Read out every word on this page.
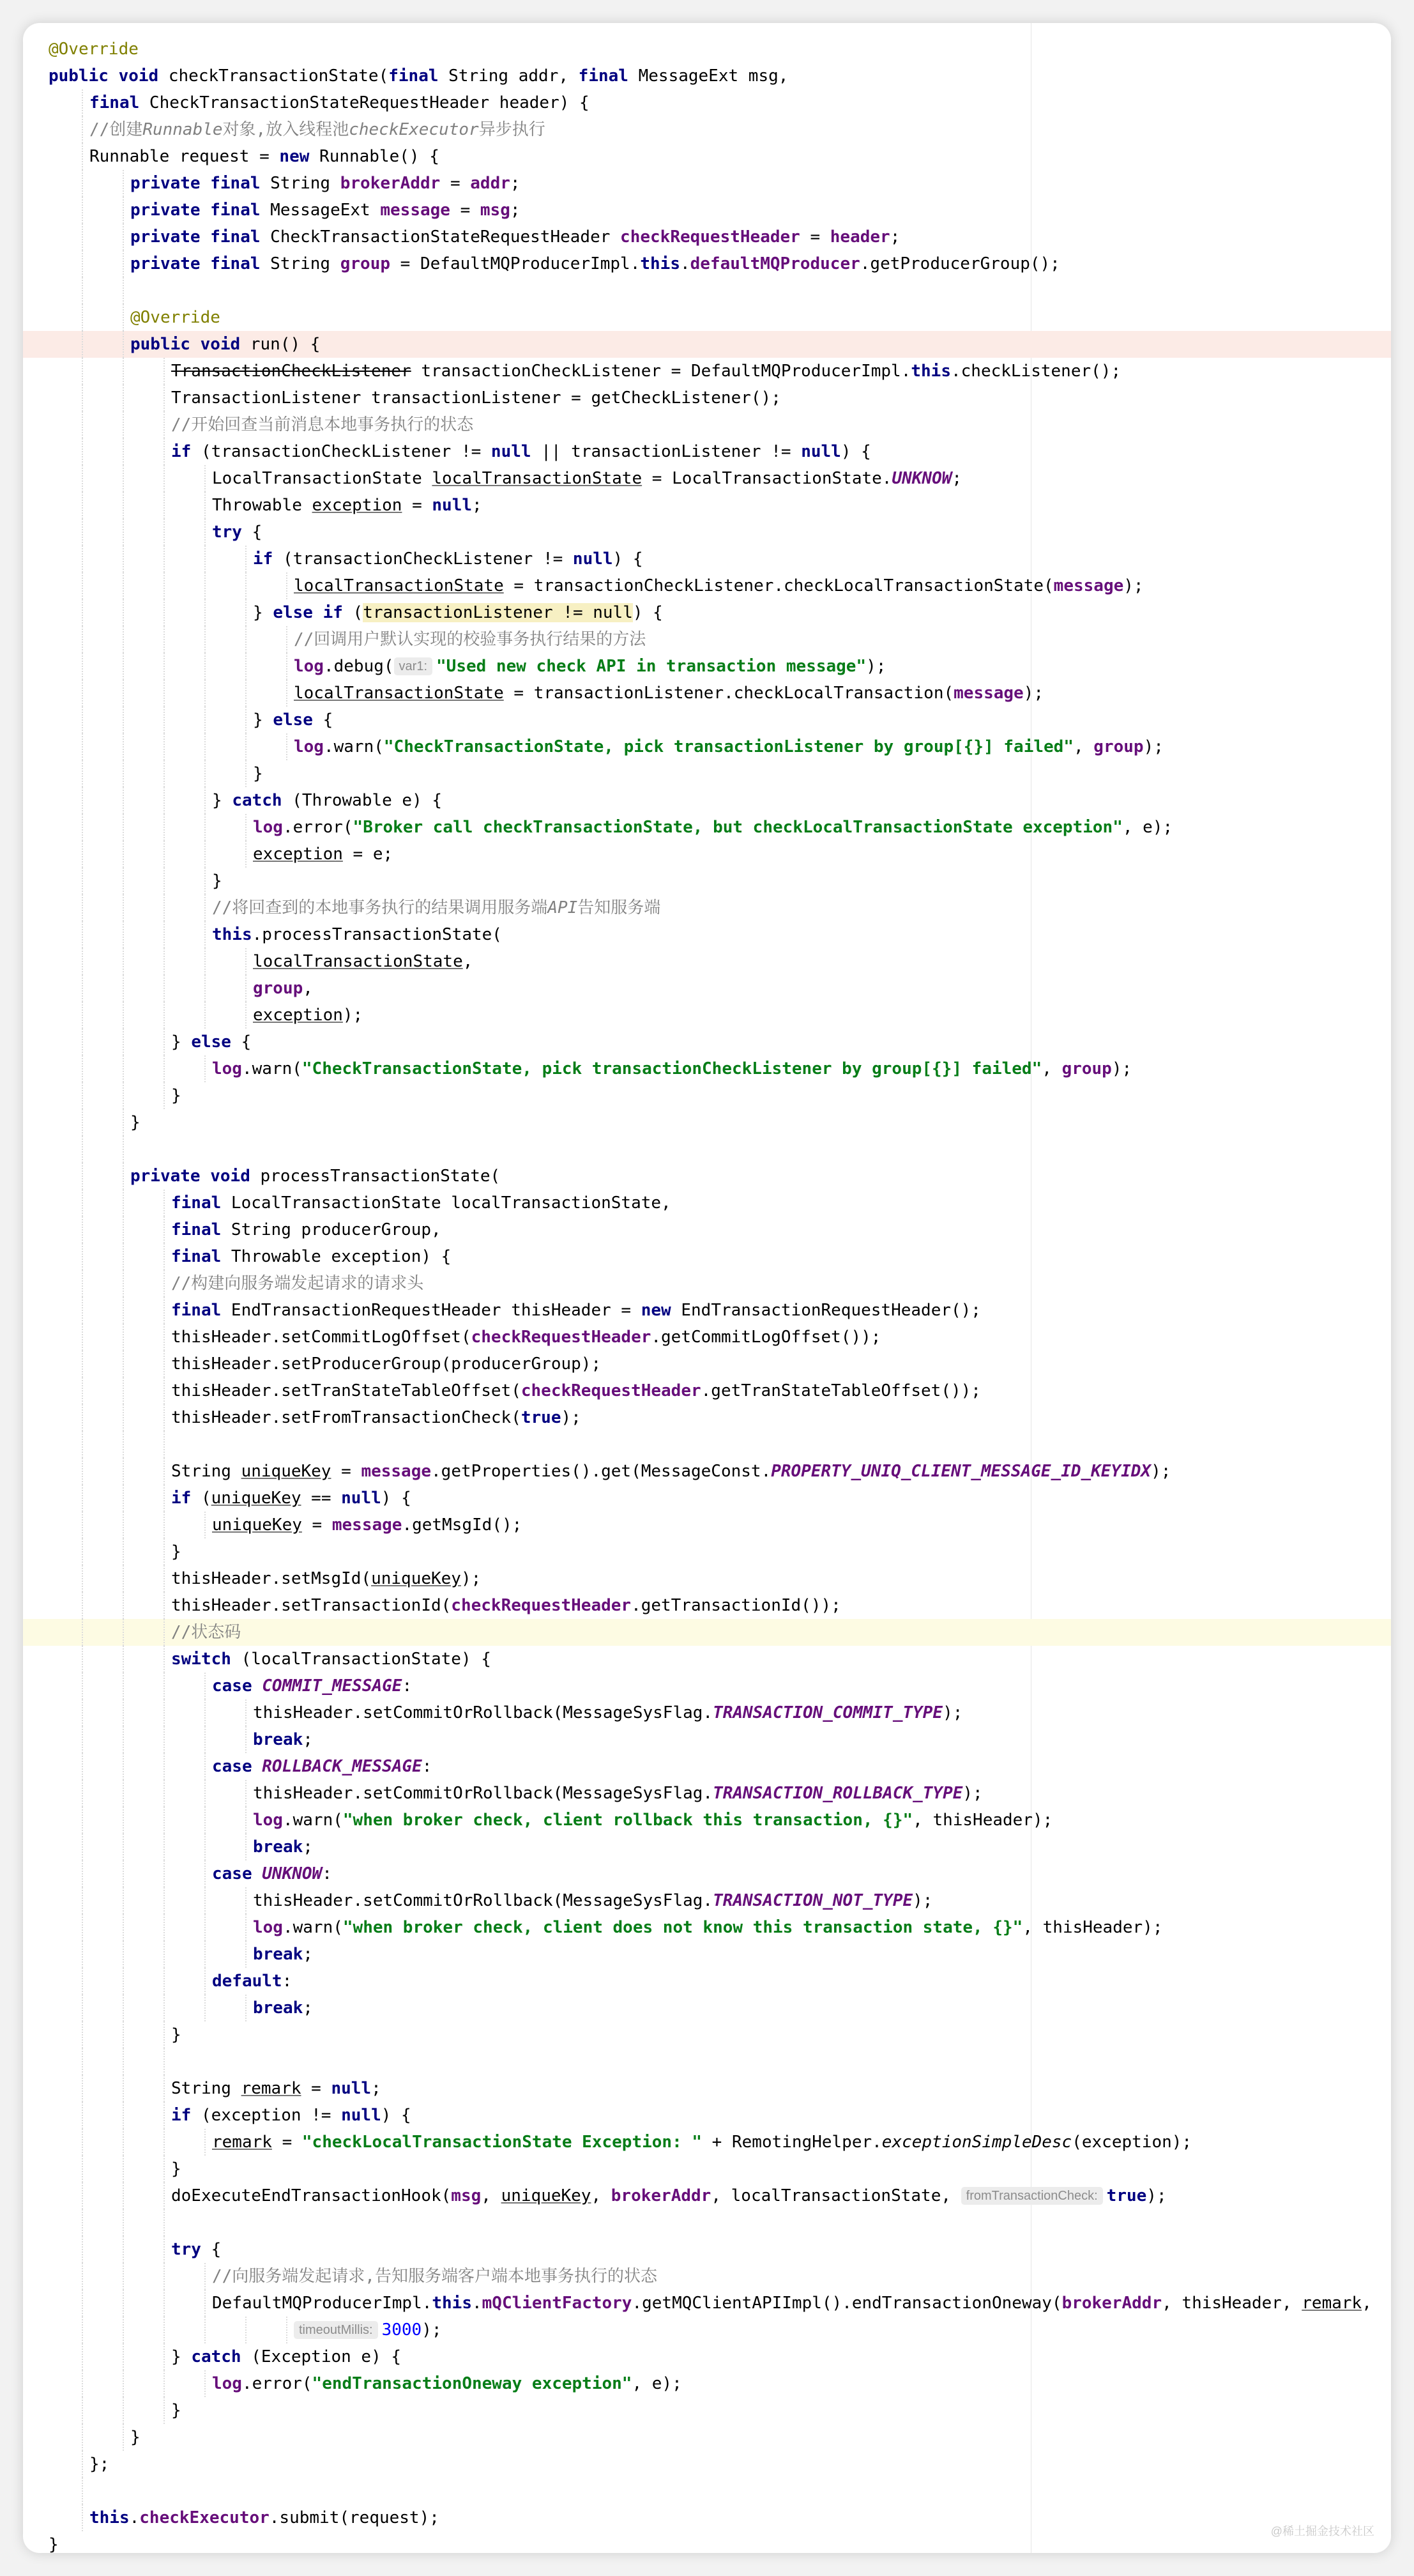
@Override
public void checkTransactionState(final String addr, final MessageExt msg,
final CheckTransactionStateRequestHeader header) {
//创建Runnable对象,放入线程池checkExecutor异步执行
Runnable request = new Runnable() {
private final String brokerAddr = addr;
private final MessageExt message = msg;
private final CheckTransactionStateRequestHeader checkRequestHeader = header;
private final String group = DefaultMQProducerImpl.this.defaultMQProducer.getProducerGroup();
@Override
public void run() {
TransactionCheckListener transactionCheckListener = DefaultMQProducerImpl.this.checkListener();
TransactionListener transactionListener = getCheckListener();
//开始回查当前消息本地事务执行的状态
if (transactionCheckListener != null || transactionListener != null) {
LocalTransactionState localTransactionState = LocalTransactionState.UNKNOW;
Throwable exception = null;
try {
if (transactionCheckListener != null) {
localTransactionState = transactionCheckListener.checkLocalTransactionState(message);
} else if (transactionListener != null) {
//回调用户默认实现的校验事务执行结果的方法
log.debug( var1: "Used new check API in transaction message");
localTransactionState = transactionListener.checkLocalTransaction(message);
} else {
log.warn("CheckTransactionState, pick transactionListener by group[{}] failed", group);
}
} catch (Throwable e) {
log.error("Broker call checkTransactionState, but checkLocalTransactionState exception", e);
exception = e;
}
//将回查到的本地事务执行的结果调用服务端API告知服务端
this.processTransactionState(
localTransactionState,
group,
exception);
} else {
log.warn("CheckTransactionState, pick transactionCheckListener by group[{}] failed", group);
}
}
private void processTransactionState(
final LocalTransactionState localTransactionState,
final String producerGroup,
final Throwable exception) {
//构建向服务端发起请求的请求头
final EndTransactionRequestHeader thisHeader = new EndTransactionRequestHeader();
thisHeader.setCommitLogOffset(checkRequestHeader.getCommitLogOffset());
thisHeader.setProducerGroup(producerGroup);
thisHeader.setTranStateTableOffset(checkRequestHeader.getTranStateTableOffset());
thisHeader.setFromTransactionCheck(true);
String uniqueKey = message.getProperties().get(MessageConst.PROPERTY_UNIQ_CLIENT_MESSAGE_ID_KEYIDX);
if (uniqueKey == null) {
uniqueKey = message.getMsgId();
}
thisHeader.setMsgId(uniqueKey);
thisHeader.setTransactionId(checkRequestHeader.getTransactionId());
//状态码
switch (localTransactionState) {
case COMMIT_MESSAGE:
thisHeader.setCommitOrRollback(MessageSysFlag.TRANSACTION_COMMIT_TYPE);
break;
case ROLLBACK_MESSAGE:
thisHeader.setCommitOrRollback(MessageSysFlag.TRANSACTION_ROLLBACK_TYPE);
log.warn("when broker check, client rollback this transaction, {}", thisHeader);
break;
case UNKNOW:
thisHeader.setCommitOrRollback(MessageSysFlag.TRANSACTION_NOT_TYPE);
log.warn("when broker check, client does not know this transaction state, {}", thisHeader);
break;
default:
break;
}
String remark = null;
if (exception != null) {
remark = "checkLocalTransactionState Exception: " + RemotingHelper.exceptionSimpleDesc(exception);
}
doExecuteEndTransactionHook(msg, uniqueKey, brokerAddr, localTransactionState, fromTransactionCheck: true);
try {
//向服务端发起请求,告知服务端客户端本地事务执行的状态
DefaultMQProducerImpl.this.mQClientFactory.getMQClientAPIImpl().endTransactionOneway(brokerAddr, thisHeader, remark,
timeoutMillis: 3000);
} catch (Exception e) {
log.error("endTransactionOneway exception", e);
}
}
};
this.checkExecutor.submit(request);
}
@稀土掘金技术社区
